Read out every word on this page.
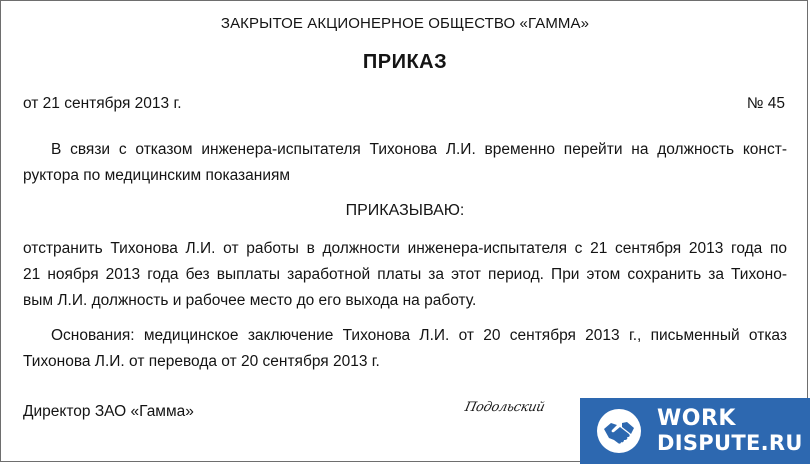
ЗАКРЫТОЕ АКЦИОНЕРНОЕ ОБЩЕСТВО «ГАММА»
ПРИКАЗ
от 21 сентября 2013 г.	№ 45
В связи с отказом инженера-испытателя Тихонова Л.И. временно перейти на должность конст-
руктора по медицинским показаниям
ПРИКАЗЫВАЮ:
отстранить Тихонова Л.И. от работы в должности инженера-испытателя с 21 сентября 2013 года по
21 ноября 2013 года без выплаты заработной платы за этот период. При этом сохранить за Тихоно-
вым Л.И. должность и рабочее место до его выхода на работу.
Основания: медицинское заключение Тихонова Л.И. от 20 сентября 2013 г., письменный отказ
Тихонова Л.И. от перевода от 20 сентября 2013 г.
Директор ЗАО «Гамма»	Подольский	WORK
DISPUTE.RU
